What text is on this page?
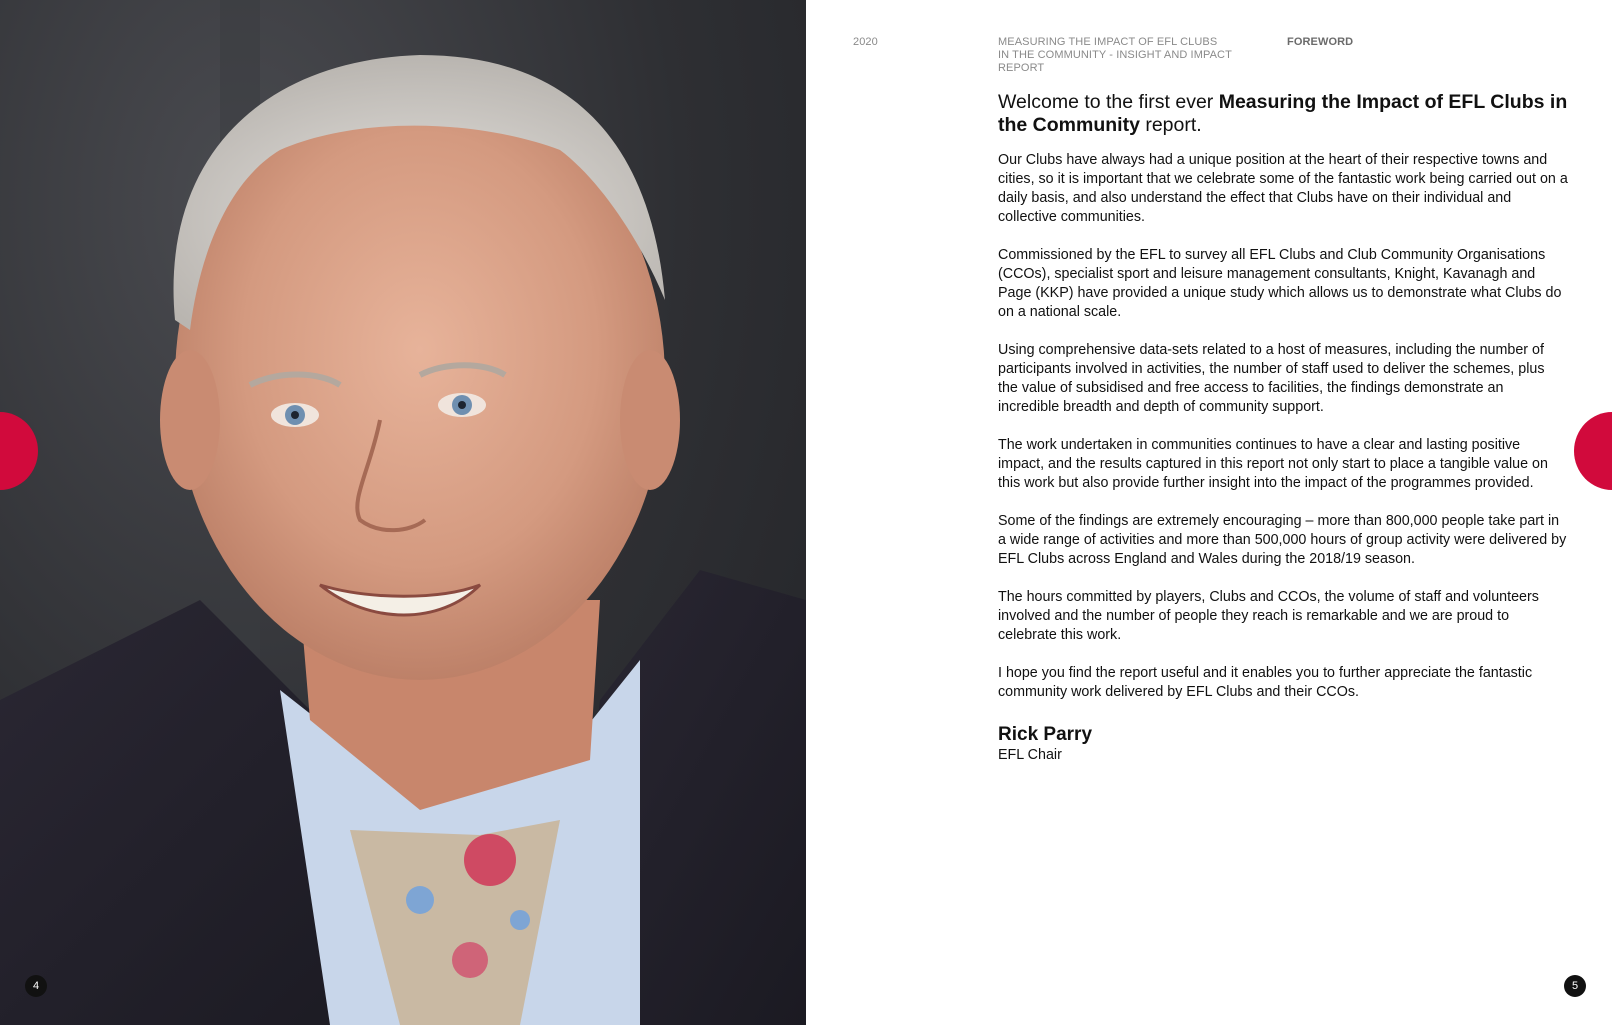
4	5
2020	MEASURING THE IMPACT OF EFL CLUBS
IN THE COMMUNITY - INSIGHT AND IMPACT REPORT
FOREWORD

Welcome to the first ever Measuring the Impact of EFL Clubs in the Community report.

Our Clubs have always had a unique position at the heart of their respective towns and cities, so it is important that we celebrate some of the fantastic work being carried out on a daily basis, and also understand the effect that Clubs have on their individual and collective communities.

Commissioned by the EFL to survey all EFL Clubs and Club Community Organisations (CCOs), specialist sport and leisure management consultants, Knight, Kavanagh and Page (KKP) have provided a unique study which allows us to demonstrate what Clubs do on a national scale.

Using comprehensive data-sets related to a host of measures, including the number of participants involved in activities, the number of staff used to deliver the schemes, plus the value of subsidised and free access to facilities, the findings demonstrate an incredible breadth and depth of community support.

The work undertaken in communities continues to have a clear and lasting positive impact, and the results captured in this report not only start to place a tangible value on this work but also provide further insight into the impact of the programmes provided.

Some of the findings are extremely encouraging – more than 800,000 people take part in a wide range of activities and more than 500,000 hours of group activity were delivered by EFL Clubs across England and Wales during the 2018/19 season.

The hours committed by players, Clubs and CCOs, the volume of staff and volunteers involved and the number of people they reach is remarkable and we are proud to celebrate this work.

I hope you find the report useful and it enables you to further appreciate the fantastic community work delivered by EFL Clubs and their CCOs.

Rick Parry
EFL Chair
